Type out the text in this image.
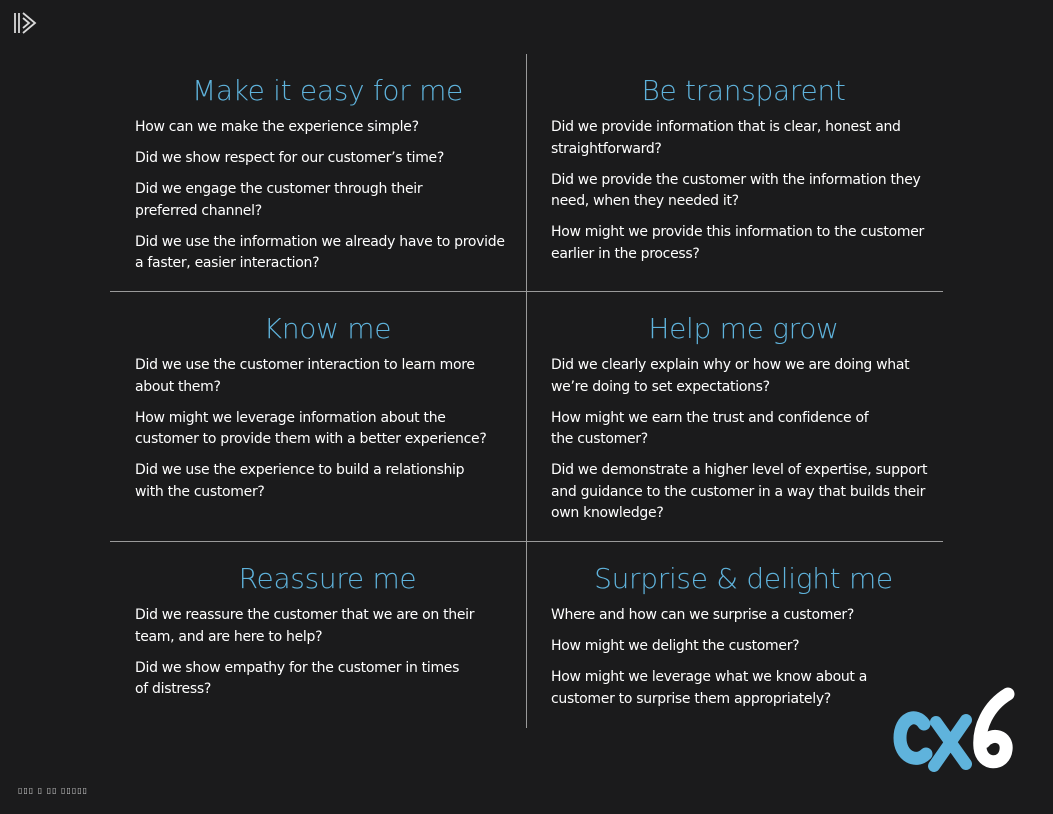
Make it easy for me
How can we make the experience simple?
Did we show respect for our customer’s time?
Did we engage the customer through their
preferred channel?
Did we use the information we already have to provide
a faster, easier interaction?
Be transparent
Did we provide information that is clear, honest and
straightforward?
Did we provide the customer with the information they
need, when they needed it?
How might we provide this information to the customer
earlier in the process?
Know me
Did we use the customer interaction to learn more
about them?
How might we leverage information about the
customer to provide them with a better experience?
Did we use the experience to build a relationship
with the customer?
Help me grow
Did we clearly explain why or how we are doing what
we’re doing to set expectations?
How might we earn the trust and confidence of
the customer?
Did we demonstrate a higher level of expertise, support
and guidance to the customer in a way that builds their
own knowledge?
Reassure me
Did we reassure the customer that we are on their
team, and are here to help?
Did we show empathy for the customer in times
of distress?
Surprise & delight me
Where and how can we surprise a customer?
How might we delight the customer?
How might we leverage what we know about a
customer to surprise them appropriately?
▯▯▯ ▯ ▯▯ ▯▯▯▯▯
